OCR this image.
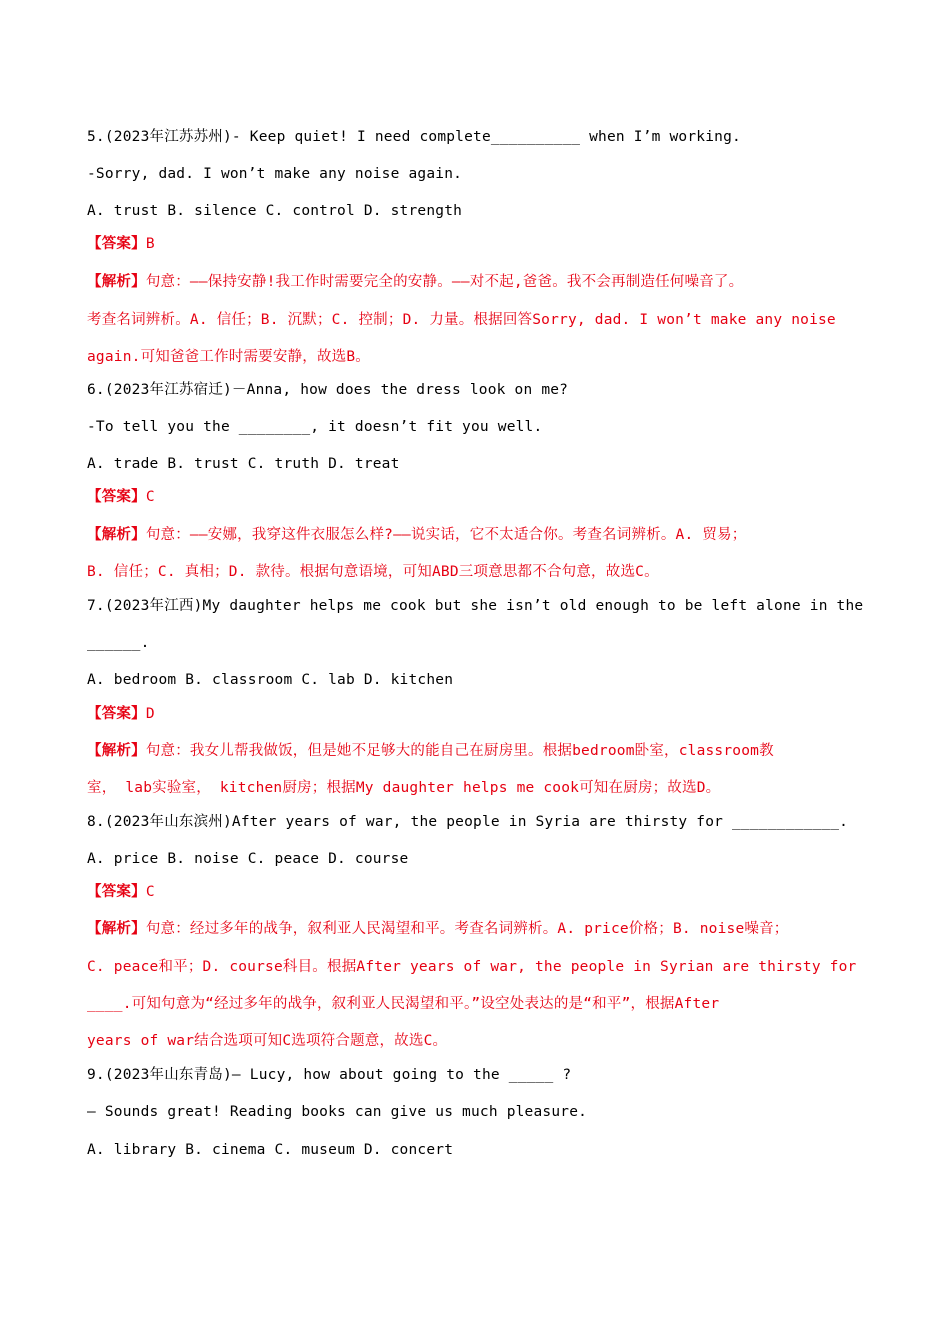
5.(2023年江苏苏州)- Keep quiet! I need complete__________ when I’m working.
-Sorry, dad. I won’t make any noise again.
A. trust B. silence C. control D. strength
【答案】B
【解析】句意：——保持安静!我工作时需要完全的安静。——对不起,爸爸。我不会再制造任何噪音了。
考查名词辨析。A. 信任；B. 沉默；C. 控制；D. 力量。根据回答Sorry, dad. I won’t make any noise
again.可知爸爸工作时需要安静，故选B。
6.(2023年江苏宿迁)－Anna, how does the dress look on me?
-To tell you the ________, it doesn’t fit you well.
A. trade B. trust C. truth D. treat
【答案】C
【解析】句意：——安娜，我穿这件衣服怎么样?——说实话，它不太适合你。考查名词辨析。A. 贸易；
B. 信任；C. 真相；D. 款待。根据句意语境，可知ABD三项意思都不合句意，故选C。
7.(2023年江西)My daughter helps me cook but she isn’t old enough to be left alone in the
______.
A. bedroom B. classroom C. lab D. kitchen
【答案】D
【解析】句意：我女儿帮我做饭，但是她不足够大的能自己在厨房里。根据bedroom卧室，classroom教
室， lab实验室， kitchen厨房；根据My daughter helps me cook可知在厨房；故选D。
8.(2023年山东滨州)After years of war, the people in Syria are thirsty for ____________.
A. price B. noise C. peace D. course
【答案】C
【解析】句意：经过多年的战争，叙利亚人民渴望和平。考查名词辨析。A. price价格；B. noise噪音；
C. peace和平；D. course科目。根据After years of war, the people in Syrian are thirsty for
____.可知句意为“经过多年的战争，叙利亚人民渴望和平。”设空处表达的是“和平”，根据After
years of war结合选项可知C选项符合题意，故选C。
9.(2023年山东青岛)— Lucy, how about going to the _____ ?
— Sounds great! Reading books can give us much pleasure.
A. library B. cinema C. museum D. concert
